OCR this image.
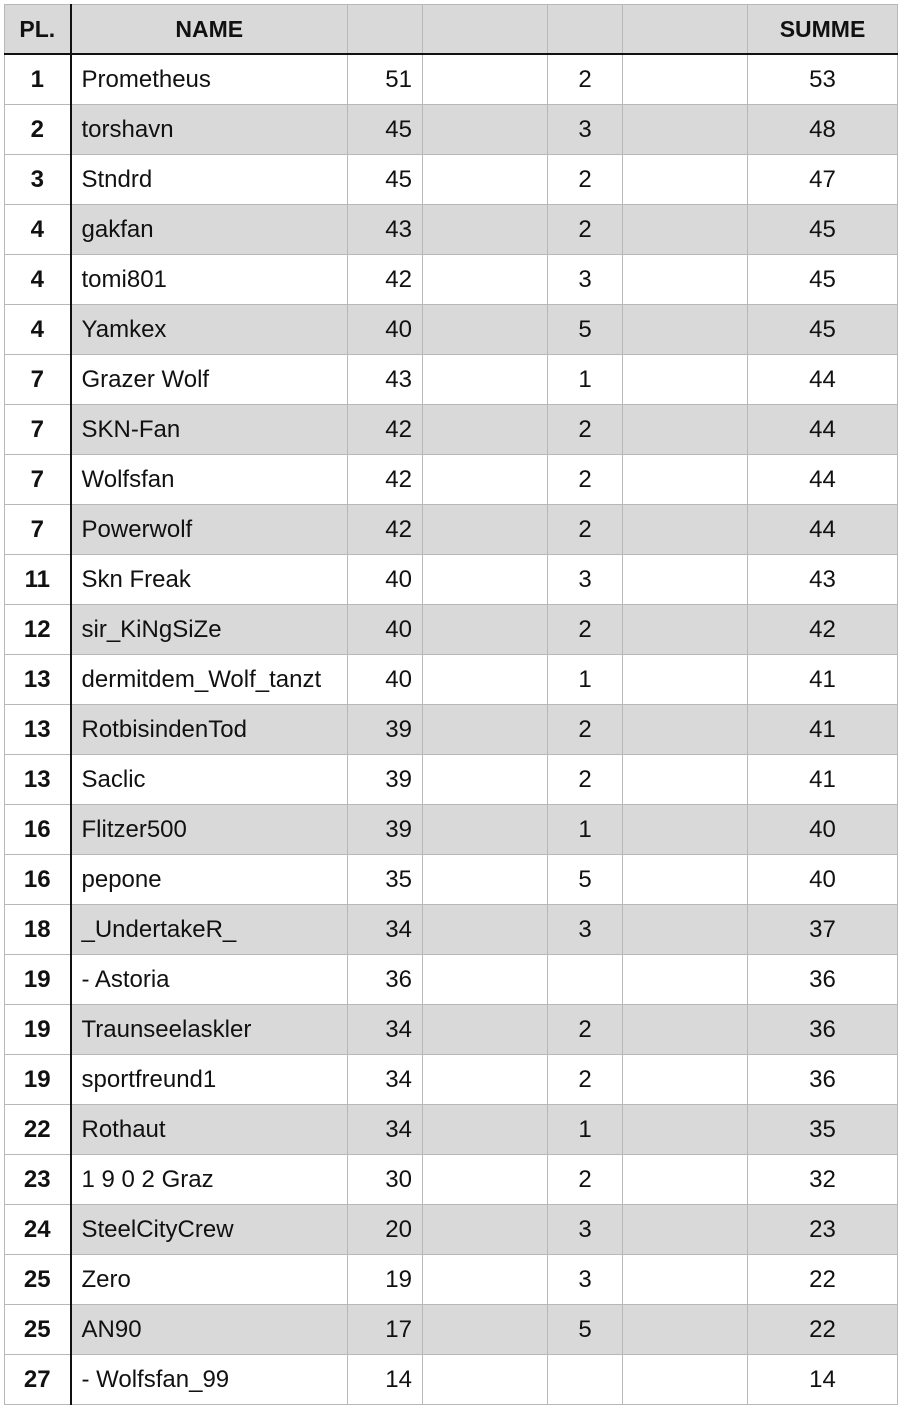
PL.	NAME					SUMME
1	Prometheus	51		2		53
2	torshavn	45		3		48
3	Stndrd	45		2		47
4	gakfan	43		2		45
4	tomi801	42		3		45
4	Yamkex	40		5		45
7	Grazer Wolf	43		1		44
7	SKN-Fan	42		2		44
7	Wolfsfan	42		2		44
7	Powerwolf	42		2		44
11	Skn Freak	40		3		43
12	sir_KiNgSiZe	40		2		42
13	dermitdem_Wolf_tanzt	40		1		41
13	RotbisindenTod	39		2		41
13	Saclic	39		2		41
16	Flitzer500	39		1		40
16	pepone	35		5		40
18	_UndertakeR_	34		3		37
19	- Astoria	36				36
19	Traunseelaskler	34		2		36
19	sportfreund1	34		2		36
22	Rothaut	34		1		35
23	1 9 0 2 Graz	30		2		32
24	SteelCityCrew	20		3		23
25	Zero	19		3		22
25	AN90	17		5		22
27	- Wolfsfan_99	14				14
